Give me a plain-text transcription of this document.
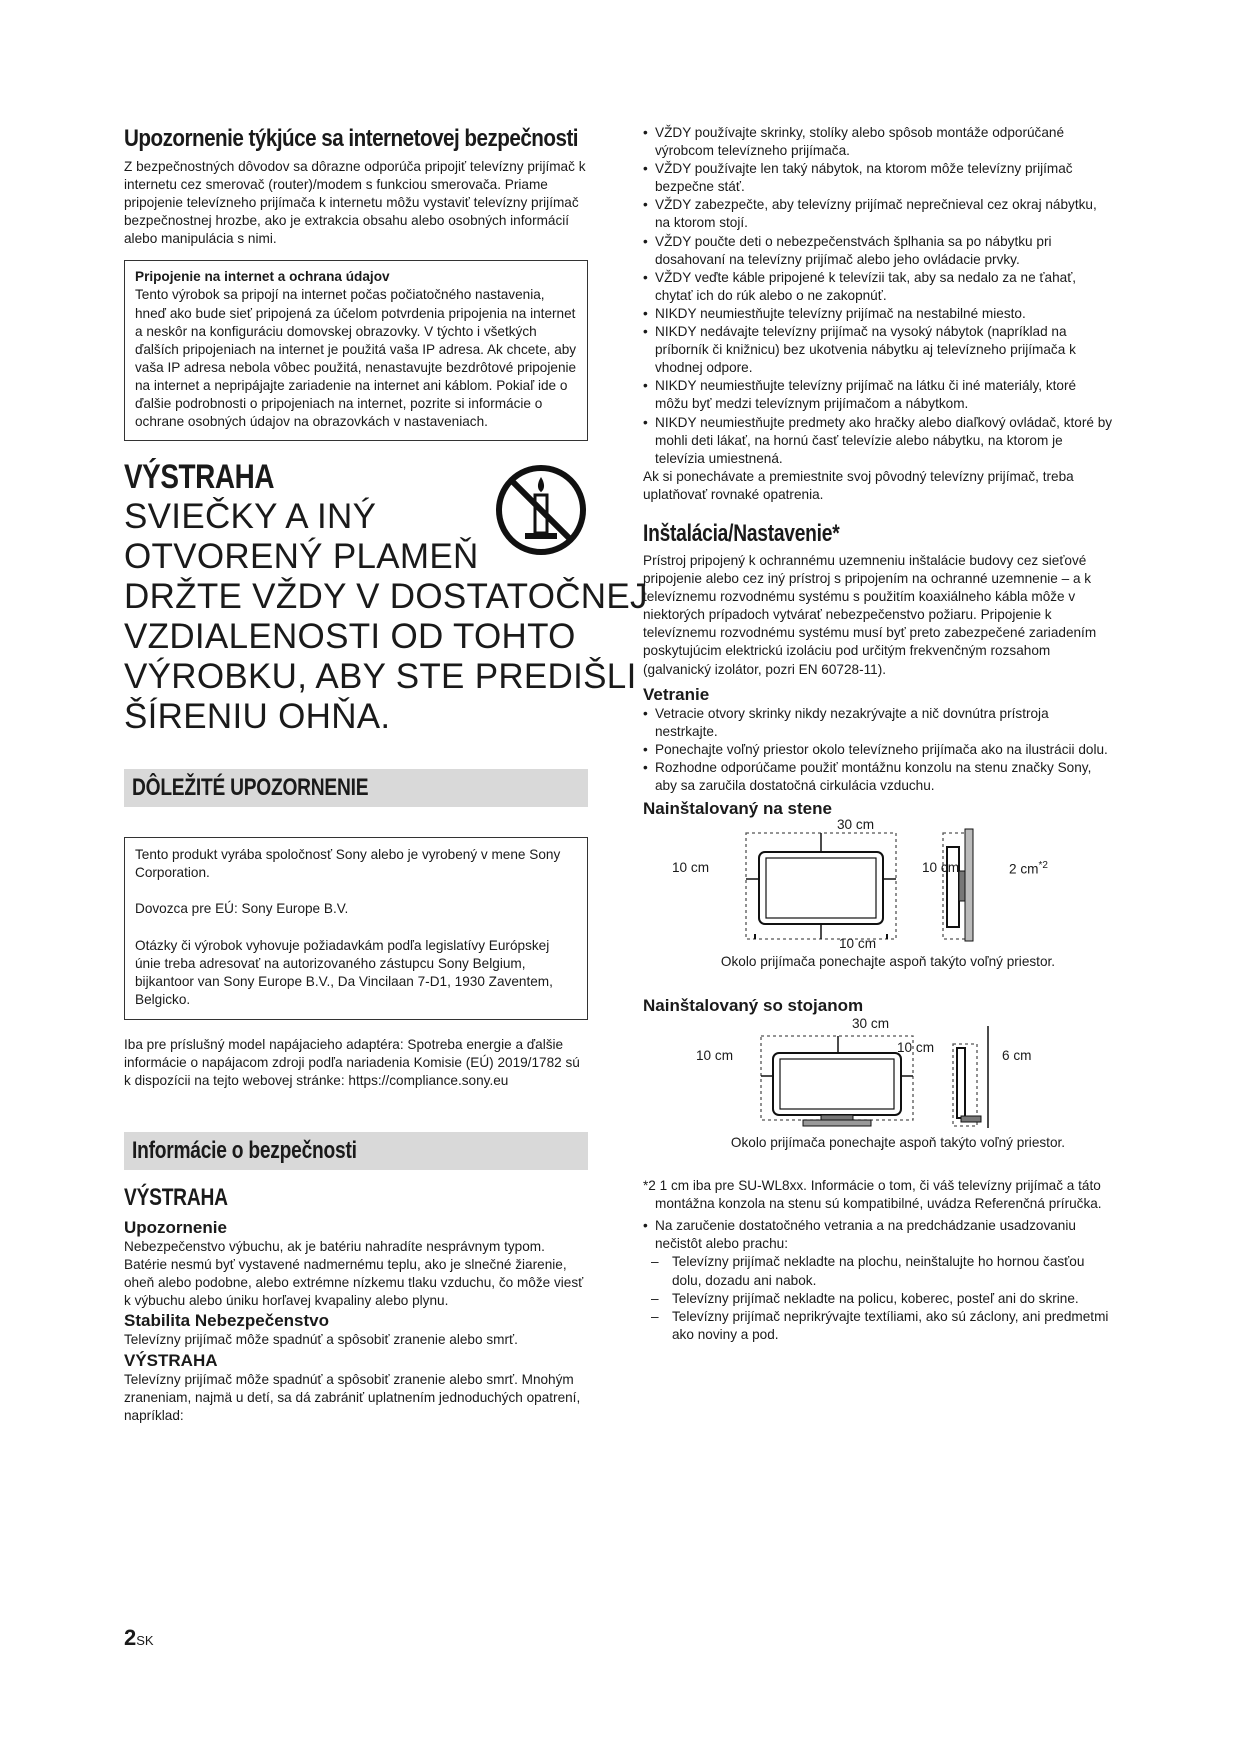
Upozornenie týkjúce sa internetovej bezpečnosti

Z bezpečnostných dôvodov sa dôrazne odporúča pripojiť televízny prijímač k internetu cez smerovač (router)/modem s funkciou smerovača. Priame pripojenie televízneho prijímača k internetu môžu vystaviť televízny prijímač bezpečnostnej hrozbe, ako je extrakcia obsahu alebo osobných informácií alebo manipulácia s nimi.

Pripojenie na internet a ochrana údajov

Tento výrobok sa pripojí na internet počas počiatočného nastavenia, hneď ako bude sieť pripojená za účelom potvrdenia pripojenia na internet a neskôr na konfiguráciu domovskej obrazovky. V týchto i všetkých ďalších pripojeniach na internet je použitá vaša IP adresa. Ak chcete, aby vaša IP adresa nebola vôbec použitá, nenastavujte bezdrôtové pripojenie na internet a nepripájajte zariadenie na internet ani káblom. Pokiaľ ide o ďalšie podrobnosti o pripojeniach na internet, pozrite si informácie o ochrane osobných údajov na obrazovkách v nastaveniach.

VÝSTRAHA
SVIEČKY A INÝ
OTVORENÝ PLAMEŇ
DRŽTE VŽDY V DOSTATOČNEJ
VZDIALENOSTI OD TOHTO
VÝROBKU, ABY STE PREDIŠLI
ŠÍRENIU OHŇA.
DÔLEŽITÉ UPOZORNENIE

Tento produkt vyrába spoločnosť Sony alebo je vyrobený v mene Sony Corporation.

Dovozca pre EÚ: Sony Europe B.V.

Otázky či výrobok vyhovuje požiadavkám podľa legislatívy Európskej únie treba adresovať na autorizovaného zástupcu Sony Belgium, bijkantoor van Sony Europe B.V., Da Vincilaan 7-D1, 1930 Zaventem, Belgicko.

Iba pre príslušný model napájacieho adaptéra: Spotreba energie a ďalšie informácie o napájacom zdroji podľa nariadenia Komisie (EÚ) 2019/1782 sú k dispozícii na tejto webovej stránke: https://compliance.sony.eu

Informácie o bezpečnosti
VÝSTRAHA
Upozornenie

Nebezpečenstvo výbuchu, ak je batériu nahradíte nesprávnym typom.

Batérie nesmú byť vystavené nadmernému teplu, ako je slnečné žiarenie, oheň alebo podobne, alebo extrémne nízkemu tlaku vzduchu, čo môže viesť k výbuchu alebo úniku horľavej kvapaliny alebo plynu.

Stabilita Nebezpečenstvo

Televízny prijímač môže spadnúť a spôsobiť zranenie alebo smrť.

VÝSTRAHA

Televízny prijímač môže spadnúť a spôsobiť zranenie alebo smrť. Mnohým zraneniam, najmä u detí, sa dá zabrániť uplatnením jednoduchých opatrení, napríklad:

• VŽDY používajte skrinky, stolíky alebo spôsob montáže odporúčané výrobcom televízneho prijímača.
• VŽDY používajte len taký nábytok, na ktorom môže televízny prijímač bezpečne stáť.
• VŽDY zabezpečte, aby televízny prijímač neprečnieval cez okraj nábytku, na ktorom stojí.
• VŽDY poučte deti o nebezpečenstvách šplhania sa po nábytku pri dosahovaní na televízny prijímač alebo jeho ovládacie prvky.
• VŽDY veďte káble pripojené k televízii tak, aby sa nedalo za ne ťahať, chytať ich do rúk alebo o ne zakopnúť.
• NIKDY neumiestňujte televízny prijímač na nestabilné miesto.
• NIKDY nedávajte televízny prijímač na vysoký nábytok (napríklad na príborník či knižnicu) bez ukotvenia nábytku aj televízneho prijímača k vhodnej odpore.
• NIKDY neumiestňujte televízny prijímač na látku či iné materiály, ktoré môžu byť medzi televíznym prijímačom a nábytkom.
• NIKDY neumiestňujte predmety ako hračky alebo diaľkový ovládač, ktoré by mohli deti lákať, na hornú časť televízie alebo nábytku, na ktorom je televízia umiestnená.

Ak si ponechávate a premiestnite svoj pôvodný televízny prijímač, treba uplatňovať rovnaké opatrenia.

Inštalácia/Nastavenie*

Prístroj pripojený k ochrannému uzemneniu inštalácie budovy cez sieťové pripojenie alebo cez iný prístroj s pripojením na ochranné uzemnenie – a k televíznemu rozvodnému systému s použitím koaxiálneho kábla môže v niektorých prípadoch vytvárať nebezpečenstvo požiaru. Pripojenie k televíznemu rozvodnému systému musí byť preto zabezpečené zariadením poskytujúcim elektrickú izoláciu pod určitým frekvenčným rozsahom (galvanický izolátor, pozri EN 60728-11).

Vetranie
• Vetracie otvory skrinky nikdy nezakrývajte a nič dovnútra prístroja nestrkajte.
• Ponechajte voľný priestor okolo televízneho prijímača ako na ilustrácii dolu.
• Rozhodne odporúčame použiť montážnu konzolu na stenu značky Sony, aby sa zaručila dostatočná cirkulácia vzduchu.
Nainštalovaný na stene
30 cm
10 cm	10 cm
10 cm
2 $cm^{*2}$
Okolo prijímača ponechajte aspoň takýto voľný priestor.
Nainštalovaný so stojanom
30 cm
10 cm
10 cm
6 cm
Okolo prijímača ponechajte aspoň takýto voľný priestor.

*2 1 cm iba pre SU-WL8xx. Informácie o tom, či váš televízny prijímač a táto montážna konzola na stenu sú kompatibilné, uvádza Referenčná príručka.

• Na zaručenie dostatočného vetrania a na predchádzanie usadzovaniu nečistôt alebo prachu:
– Televízny prijímač nekladte na plochu, neinštalujte ho hornou časťou dolu, dozadu ani nabok.
– Televízny prijímač nekladte na policu, koberec, posteľ ani do skrine.
– Televízny prijímač neprikrývajte textíliami, ako sú záclony, ani predmetmi ako noviny a pod.
2SK
